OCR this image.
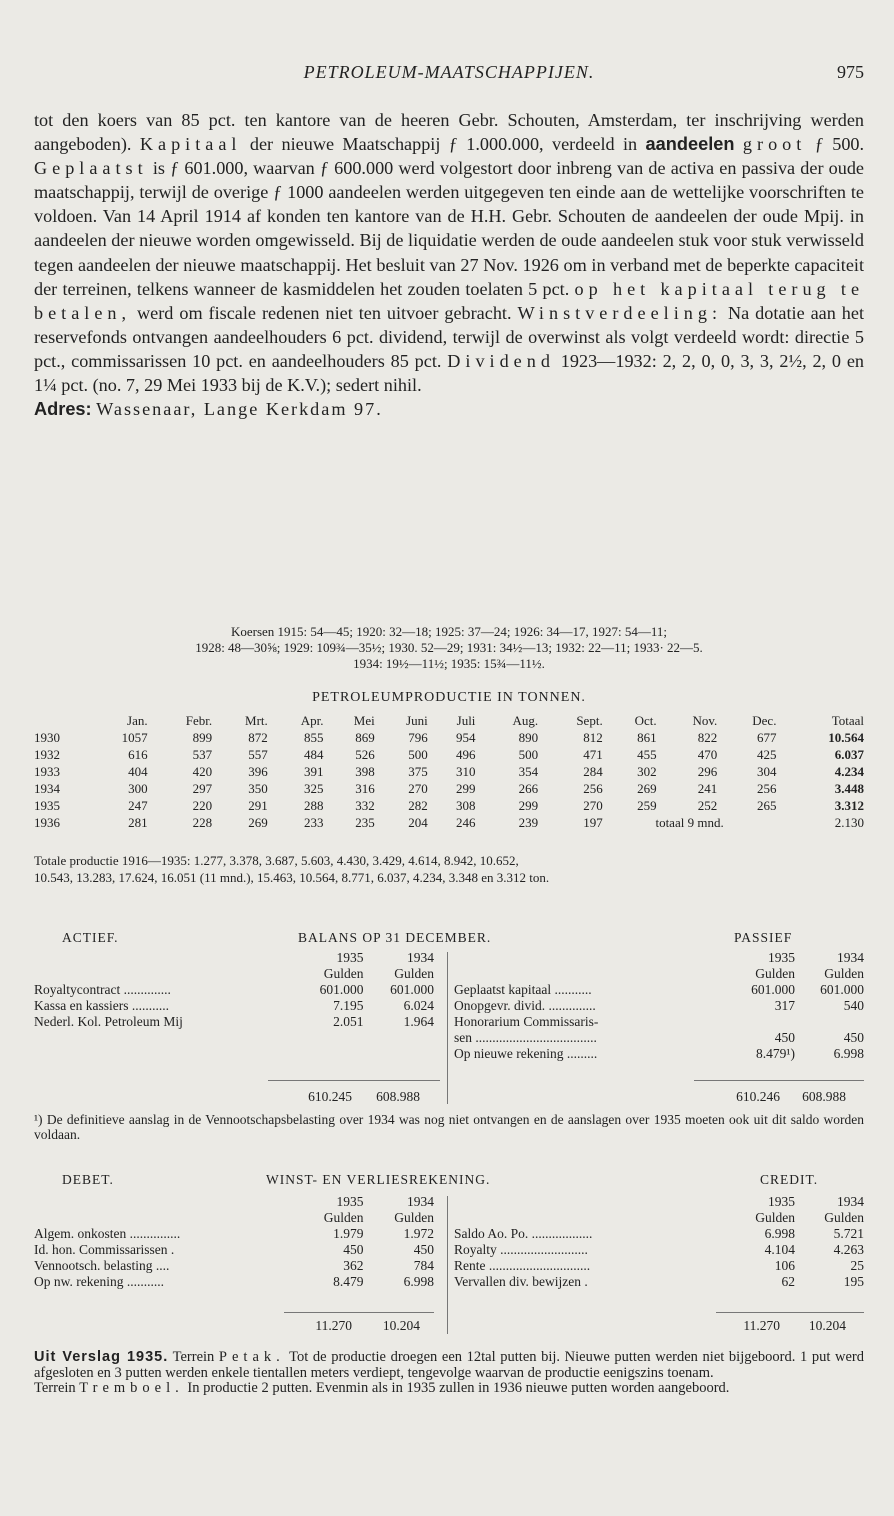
PETROLEUM-MAATSCHAPPIJEN.	975

tot den koers van 85 pct. ten kantore van de heeren Gebr. Schouten, Amsterdam, ter inschrijving werden aangeboden). Kapitaal der nieuwe Maatschappij ƒ 1.000.000, verdeeld in aandeelen groot ƒ 500. Geplaatst is ƒ 601.000, waarvan ƒ 600.000 werd volgestort door inbreng van de activa en passiva der oude maatschappij, terwijl de overige ƒ 1000 aandeelen werden uitgegeven ten einde aan de wettelijke voorschriften te voldoen. Van 14 April 1914 af konden ten kantore van de H.H. Gebr. Schouten de aandeelen der oude Mpij. in aandeelen der nieuwe worden omgewisseld. Bij de liquidatie werden de oude aandeelen stuk voor stuk verwisseld tegen aandeelen der nieuwe maatschappij. Het besluit van 27 Nov. 1926 om in verband met de beperkte capaciteit der terreinen, telkens wanneer de kasmiddelen het zouden toelaten 5 pct. op het kapitaal terug te betalen, werd om fiscale redenen niet ten uitvoer gebracht. Winstverdeeling: Na dotatie aan het reservefonds ontvangen aandeelhouders 6 pct. dividend, terwijl de overwinst als volgt verdeeld wordt: directie 5 pct., commissarissen 10 pct. en aandeelhouders 85 pct. Dividend 1923—1932: 2, 2, 0, 0, 3, 3, 2½, 2, 0 en 1¼ pct. (no. 7, 29 Mei 1933 bij de K.V.); sedert nihil.

Adres: Wassenaar, Lange Kerkdam 97.

Koersen 1915: 54—45; 1920: 32—18; 1925: 37—24; 1926: 34—17, 1927: 54—11;

1928: 48—30⅝; 1929: 109¾—35½; 1930. 52—29; 1931: 34½—13; 1932: 22—11; 1933· 22—5.

1934: 19½—11½; 1935: 15¾—11½.

PETROLEUMPRODUCTIE IN TONNEN.
	Jan.	Febr.	Mrt.	Apr.	Mei	Juni	Juli	Aug.	Sept.	Oct.	Nov.	Dec.	Totaal
1930	1057	899	872	855	869	796	954	890	812	861	822	677	10.564
1932	616	537	557	484	526	500	496	500	471	455	470	425	6.037
1933	404	420	396	391	398	375	310	354	284	302	296	304	4.234
1934	300	297	350	325	316	270	299	266	256	269	241	256	3.448
1935	247	220	291	288	332	282	308	299	270	259	252	265	3.312
1936	281	228	269	233	235	204	246	239	197	totaal 9 mnd.			2.130

Totale productie 1916—1935: 1.277, 3.378, 3.687, 5.603, 4.430, 3.429, 4.614, 8.942, 10.652,

10.543, 13.283, 17.624, 16.051 (11 mnd.), 15.463, 10.564, 8.771, 6.037, 4.234, 3.348 en 3.312 ton.

ACTIEF.	BALANS OP 31 DECEMBER.	PASSIEF
	1935	1934
	Gulden	Gulden
Royaltycontract ..............	601.000	601.000
Kassa en kassiers ...........	7.195	6.024
Nederl. Kol. Petroleum Mij	2.051	1.964
	1935	1934
	Gulden	Gulden
Geplaatst kapitaal ...........	601.000	601.000
Onopgevr. divid. ..............	317	540
Honorarium Commissaris-		
sen ....................................	450	450
Op nieuwe rekening .........	8.479¹)	6.998
610.245 608.988	610.246 608.988
¹) De definitieve aanslag in de Vennootschapsbelasting over 1934 was nog niet ontvangen en de aanslagen over 1935 moeten ook uit dit saldo worden voldaan.
DEBET.	WINST- EN VERLIESREKENING.	CREDIT.
	1935	1934
	Gulden	Gulden
Algem. onkosten ...............	1.979	1.972
Id. hon. Commissarissen .	450	450
Vennootsch. belasting ....	362	784
Op nw. rekening ...........	8.479	6.998
	1935	1934
	Gulden	Gulden
Saldo Ao. Po. ..................	6.998	5.721
Royalty ..........................	4.104	4.263
Rente ..............................	106	25
Vervallen div. bewijzen .	62	195
11.270 10.204	11.270 10.204

Uit Verslag 1935. Terrein Petak. Tot de productie droegen een 12tal putten bij. Nieuwe putten werden niet bijgeboord. 1 put werd afgesloten en 3 putten werden enkele tientallen meters verdiept, tengevolge waarvan de productie eenigszins toenam.

Terrein Tremboel. In productie 2 putten. Evenmin als in 1935 zullen in 1936 nieuwe putten worden aangeboord.
